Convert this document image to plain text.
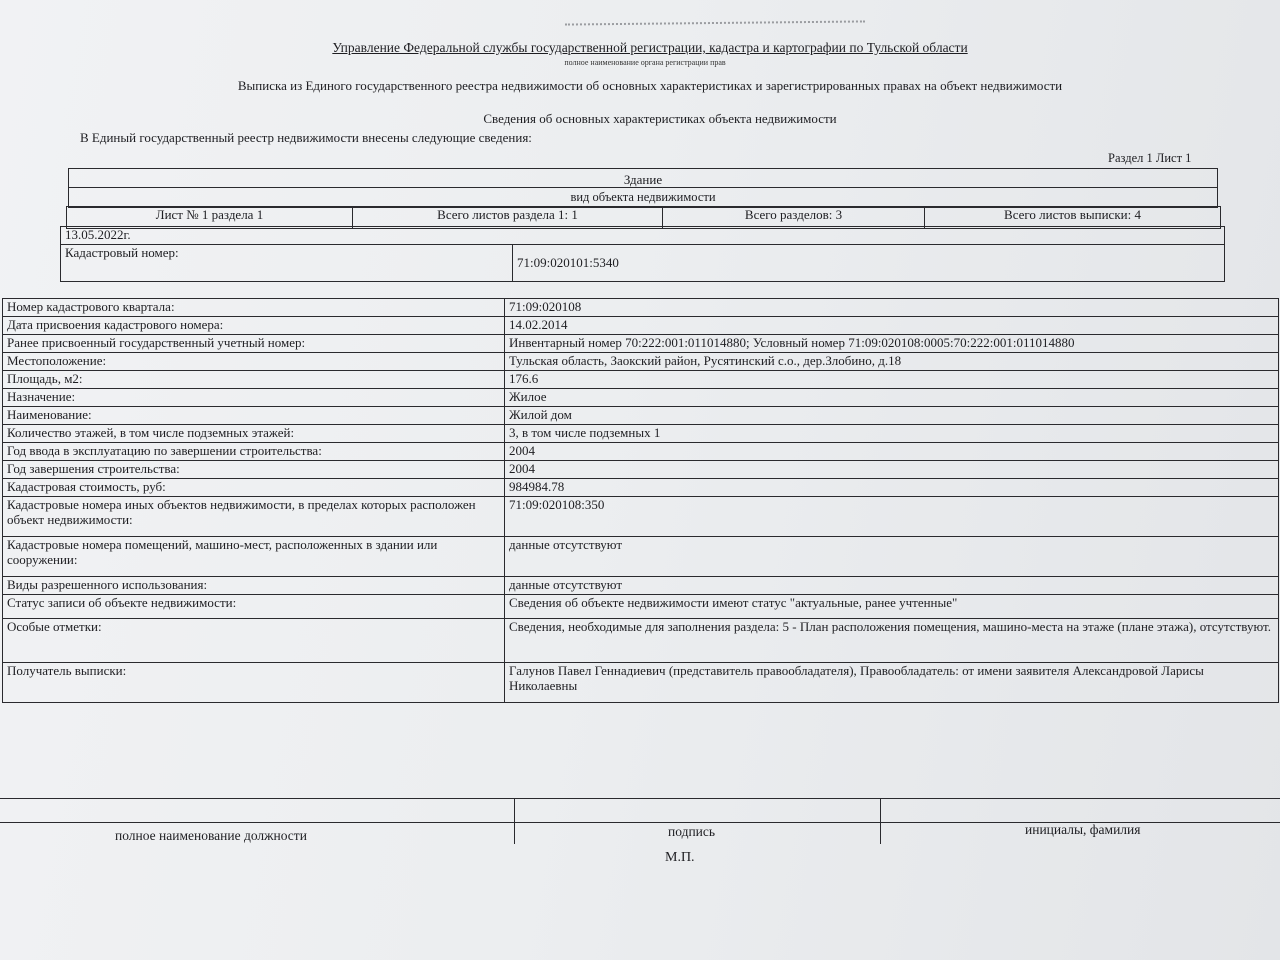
Управление Федеральной службы государственной регистрации, кадастра и картографии по Тульской области
полное наименование органа регистрации прав
Выписка из Единого государственного реестра недвижимости об основных характеристиках и зарегистрированных правах на объект недвижимости
Сведения об основных характеристиках объекта недвижимости
В Единый государственный реестр недвижимости внесены следующие сведения:
Раздел 1 Лист 1
Здание
вид объекта недвижимости
Лист № 1 раздела 1	Всего листов раздела 1: 1	Всего разделов: 3	Всего листов выписки: 4
13.05.2022г.
Кадастровый номер:	71:09:020101:5340
Номер кадастрового квартала:	71:09:020108
Дата присвоения кадастрового номера:	14.02.2014
Ранее присвоенный государственный учетный номер:	Инвентарный номер 70:222:001:011014880; Условный номер 71:09:020108:0005:70:222:001:011014880
Местоположение:	Тульская область, Заокский район, Русятинский с.о., дер.Злобино, д.18
Площадь, м2:	176.6
Назначение:	Жилое
Наименование:	Жилой дом
Количество этажей, в том числе подземных этажей:	3, в том числе подземных 1
Год ввода в эксплуатацию по завершении строительства:	2004
Год завершения строительства:	2004
Кадастровая стоимость, руб:	984984.78
Кадастровые номера иных объектов недвижимости, в пределах которых расположен объект недвижимости:	71:09:020108:350
Кадастровые номера помещений, машино-мест, расположенных в здании или сооружении:	данные отсутствуют
Виды разрешенного использования:	данные отсутствуют
Статус записи об объекте недвижимости:	Сведения об объекте недвижимости имеют статус "актуальные, ранее учтенные"
Особые отметки:	Сведения, необходимые для заполнения раздела: 5 - План расположения помещения, машино-места на этаже (плане этажа), отсутствуют.
Получатель выписки:	Галунов Павел Геннадиевич (представитель правообладателя), Правообладатель: от имени заявителя Александровой Ларисы Николаевны
полное наименование должности	подпись	инициалы, фамилия
М.П.
